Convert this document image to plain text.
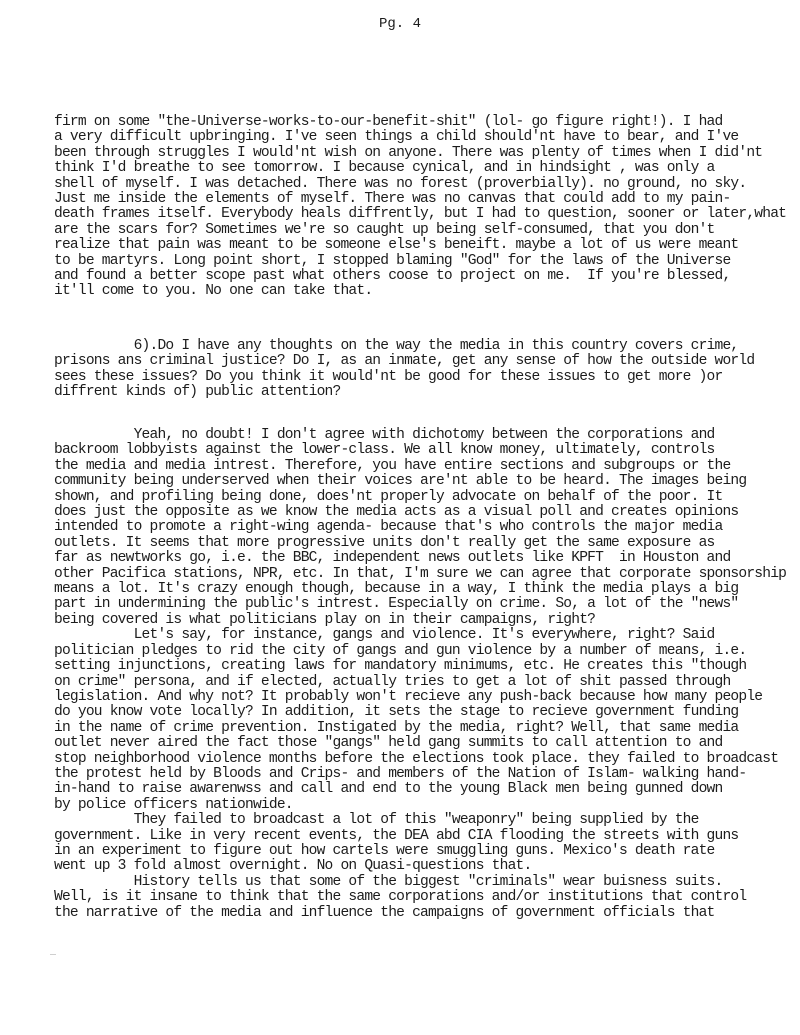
Pg. 4
firm on some "the-Universe-works-to-our-benefit-shit" (lol- go figure right!). I had
a very difficult upbringing. I've seen things a child should'nt have to bear, and I've
been through struggles I would'nt wish on anyone. There was plenty of times when I did'nt
think I'd breathe to see tomorrow. I because cynical, and in hindsight , was only a
shell of myself. I was detached. There was no forest (proverbially). no ground, no sky.
Just me inside the elements of myself. There was no canvas that could add to my pain-
death frames itself. Everybody heals diffrently, but I had to question, sooner or later,what
are the scars for? Sometimes we're so caught up being self-consumed, that you don't
realize that pain was meant to be someone else's beneift. maybe a lot of us were meant
to be martyrs. Long point short, I stopped blaming "God" for the laws of the Universe
and found a better scope past what others coose to project on me.  If you're blessed,
it'll come to you. No one can take that.
6).Do I have any thoughts on the way the media in this country covers crime,
prisons ans criminal justice? Do I, as an inmate, get any sense of how the outside world
sees these issues? Do you think it would'nt be good for these issues to get more )or
diffrent kinds of) public attention?
Yeah, no doubt! I don't agree with dichotomy between the corporations and
backroom lobbyists against the lower-class. We all know money, ultimately, controls
the media and media intrest. Therefore, you have entire sections and subgroups or the
community being underserved when their voices are'nt able to be heard. The images being
shown, and profiling being done, does'nt properly advocate on behalf of the poor. It
does just the opposite as we know the media acts as a visual poll and creates opinions
intended to promote a right-wing agenda- because that's who controls the major media
outlets. It seems that more progressive units don't really get the same exposure as
far as newtworks go, i.e. the BBC, independent news outlets like KPFT  in Houston and
other Pacifica stations, NPR, etc. In that, I'm sure we can agree that corporate sponsorship
means a lot. It's crazy enough though, because in a way, I think the media plays a big
part in undermining the public's intrest. Especially on crime. So, a lot of the "news"
being covered is what politicians play on in their campaigns, right?
Let's say, for instance, gangs and violence. It's everywhere, right? Said
politician pledges to rid the city of gangs and gun violence by a number of means, i.e.
setting injunctions, creating laws for mandatory minimums, etc. He creates this "though
on crime" persona, and if elected, actually tries to get a lot of shit passed through
legislation. And why not? It probably won't recieve any push-back because how many people
do you know vote locally? In addition, it sets the stage to recieve government funding
in the name of crime prevention. Instigated by the media, right? Well, that same media
outlet never aired the fact those "gangs" held gang summits to call attention to and
stop neighborhood violence months before the elections took place. they failed to broadcast
the protest held by Bloods and Crips- and members of the Nation of Islam- walking hand-
in-hand to raise awarenwss and call and end to the young Black men being gunned down
by police officers nationwide.
They failed to broadcast a lot of this "weaponry" being supplied by the
government. Like in very recent events, the DEA abd CIA flooding the streets with guns
in an experiment to figure out how cartels were smuggling guns. Mexico's death rate
went up 3 fold almost overnight. No on Quasi-questions that.
History tells us that some of the biggest "criminals" wear buisness suits.
Well, is it insane to think that the same corporations and/or institutions that control
the narrative of the media and influence the campaigns of government officials that
